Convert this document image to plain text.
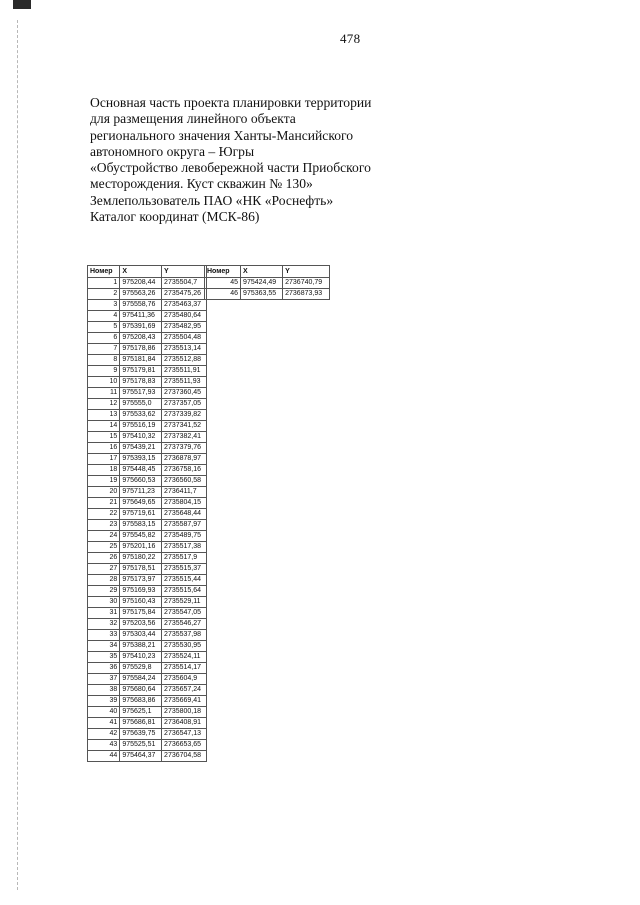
478
Основная часть проекта планировки территории
для размещения линейного объекта
регионального значения Ханты-Мансийского
автономного округа – Югры
«Обустройство левобережной части Приобского
месторождения. Куст скважин № 130»
Землепользователь ПАО «НК «Роснефть»
Каталог координат (МСК-86)
Номер	X	Y
1	975208,44	2735504,7
2	975563,26	2735475,26
3	975558,76	2735463,37
4	975411,36	2735480,64
5	975391,69	2735482,95
6	975208,43	2735504,48
7	975178,86	2735513,14
8	975181,84	2735512,88
9	975179,81	2735511,91
10	975178,83	2735511,93
11	975517,93	2737360,45
12	975555,0	2737357,05
13	975533,62	2737339,82
14	975516,19	2737341,52
15	975410,32	2737382,41
16	975439,21	2737379,76
17	975393,15	2736878,97
18	975448,45	2736758,16
19	975660,53	2736560,58
20	975711,23	2736411,7
21	975649,65	2735804,15
22	975719,61	2735648,44
23	975583,15	2735587,97
24	975545,82	2735489,75
25	975201,16	2735517,38
26	975180,22	2735517,9
27	975178,51	2735515,37
28	975173,97	2735515,44
29	975169,93	2735515,64
30	975160,43	2735529,11
31	975175,84	2735547,05
32	975203,56	2735546,27
33	975303,44	2735537,98
34	975388,21	2735530,95
35	975410,23	2735524,11
36	975529,8	2735514,17
37	975584,24	2735604,9
38	975680,64	2735657,24
39	975683,86	2735669,41
40	975625,1	2735800,18
41	975686,81	2736408,91
42	975639,75	2736547,13
43	975525,51	2736653,65
44	975464,37	2736704,58
Номер	X	Y
45	975424,49	2736740,79
46	975363,55	2736873,93
